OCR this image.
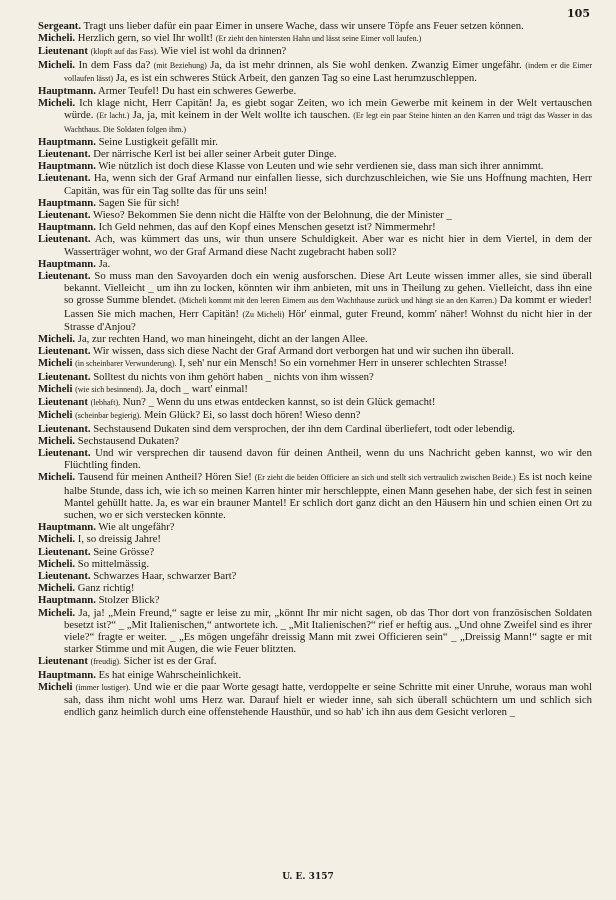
105

Sergeant. Tragt uns lieber dafür ein paar Eimer in unsere Wache, dass wir unsere Töpfe ans Feuer setzen können.

Micheli. Herzlich gern, so viel Ihr wollt! (Er zieht den hintersten Hahn und lässt seine Eimer voll laufen.)

Lieutenant (klopft auf das Fass). Wie viel ist wohl da drinnen?

Micheli. In dem Fass da? (mit Beziehung) Ja, da ist mehr drinnen, als Sie wohl denken. Zwanzig Eimer ungefähr. (indem er die Eimer vollaufen lässt) Ja, es ist ein schweres Stück Arbeit, den ganzen Tag so eine Last herumzuschleppen.

Hauptmann. Armer Teufel! Du hast ein schweres Gewerbe.

Micheli. Ich klage nicht, Herr Capitän! Ja, es giebt sogar Zeiten, wo ich mein Gewerbe mit keinem in der Welt vertauschen würde. (Er lacht.) Ja, ja, mit keinem in der Welt wollte ich tauschen. (Er legt ein paar Steine hinten an den Karren und trägt das Wasser in das Wachthaus. Die Soldaten folgen ihm.)

Hauptmann. Seine Lustigkeit gefällt mir.

Lieutenant. Der närrische Kerl ist bei aller seiner Arbeit guter Dinge.

Hauptmann. Wie nützlich ist doch diese Klasse von Leuten und wie sehr verdienen sie, dass man sich ihrer annimmt.

Lieutenant. Ha, wenn sich der Graf Armand nur einfallen liesse, sich durchzuschleichen, wie Sie uns Hoffnung machten, Herr Capitän, was für ein Tag sollte das für uns sein!

Hauptmann. Sagen Sie für sich!

Lieutenant. Wieso? Bekommen Sie denn nicht die Hälfte von der Belohnung, die der Minister _

Hauptmann. Ich Geld nehmen, das auf den Kopf eines Menschen gesetzt ist? Nimmermehr!

Lieutenant. Ach, was kümmert das uns, wir thun unsere Schuldigkeit. Aber war es nicht hier in dem Viertel, in dem der Wasserträger wohnt, wo der Graf Armand diese Nacht zugebracht haben soll?

Hauptmann. Ja.

Lieutenant. So muss man den Savoyarden doch ein wenig ausforschen. Diese Art Leute wissen immer alles, sie sind überall bekannt. Vielleicht _ um ihn zu locken, könnten wir ihm anbieten, mit uns in Theilung zu gehen. Vielleicht, dass ihn eine so grosse Summe blendet. (Micheli kommt mit den leeren Eimern aus dem Wachthause zurück und hängt sie an den Karren.) Da kommt er wieder! Lassen Sie mich machen, Herr Capitän! (Zu Micheli) Hör' einmal, guter Freund, komm' näher! Wohnst du nicht hier in der Strasse d'Anjou?

Micheli. Ja, zur rechten Hand, wo man hineingeht, dicht an der langen Allee.

Lieutenant. Wir wissen, dass sich diese Nacht der Graf Armand dort verborgen hat und wir suchen ihn überall.

Micheli (in scheinbarer Verwunderung). I, seh' nur ein Mensch! So ein vornehmer Herr in unserer schlechten Strasse!

Lieutenant. Solltest du nichts von ihm gehört haben _ nichts von ihm wissen?

Micheli (wie sich besinnend). Ja, doch _ wart' einmal!

Lieutenant (lebhaft). Nun? _ Wenn du uns etwas entdecken kannst, so ist dein Glück gemacht!

Micheli (scheinbar begierig). Mein Glück? Ei, so lasst doch hören! Wieso denn?

Lieutenant. Sechstausend Dukaten sind dem versprochen, der ihn dem Cardinal überliefert, todt oder lebendig.

Micheli. Sechstausend Dukaten?

Lieutenant. Und wir versprechen dir tausend davon für deinen Antheil, wenn du uns Nachricht geben kannst, wo wir den Flüchtling finden.

Micheli. Tausend für meinen Antheil? Hören Sie! (Er zieht die beiden Officiere an sich und stellt sich vertraulich zwischen Beide.) Es ist noch keine halbe Stunde, dass ich, wie ich so meinen Karren hinter mir herschleppte, einen Mann gesehen habe, der sich fest in seinen Mantel gehüllt hatte. Ja, es war ein brauner Mantel! Er schlich dort ganz dicht an den Häusern hin und schien einen Ort zu suchen, wo er sich verstecken könnte.

Hauptmann. Wie alt ungefähr?

Micheli. I, so dreissig Jahre!

Lieutenant. Seine Grösse?

Micheli. So mittelmässig.

Lieutenant. Schwarzes Haar, schwarzer Bart?

Micheli. Ganz richtig!

Hauptmann. Stolzer Blick?

Micheli. Ja, ja! „Mein Freund,“ sagte er leise zu mir, „könnt Ihr mir nicht sagen, ob das Thor dort von französischen Soldaten besetzt ist?“ _ „Mit Italienischen,“ antwortete ich. _ „Mit Italienischen?“ rief er heftig aus. „Und ohne Zweifel sind es ihrer viele?“ fragte er weiter. _ „Es mögen ungefähr dreissig Mann mit zwei Officieren sein“ _ „Dreissig Mann!“ sagte er mit starker Stimme und mit Augen, die wie Feuer blitzten.

Lieutenant (freudig). Sicher ist es der Graf.

Hauptmann. Es hat einige Wahrscheinlichkeit.

Micheli (immer lustiger). Und wie er die paar Worte gesagt hatte, verdoppelte er seine Schritte mit einer Unruhe, woraus man wohl sah, dass ihm nicht wohl ums Herz war. Darauf hielt er wieder inne, sah sich überall schüchtern um und schlich sich endlich ganz heimlich durch eine offenstehende Hausthür, und so hab' ich ihn aus dem Gesicht verloren _

U. E. 3157
